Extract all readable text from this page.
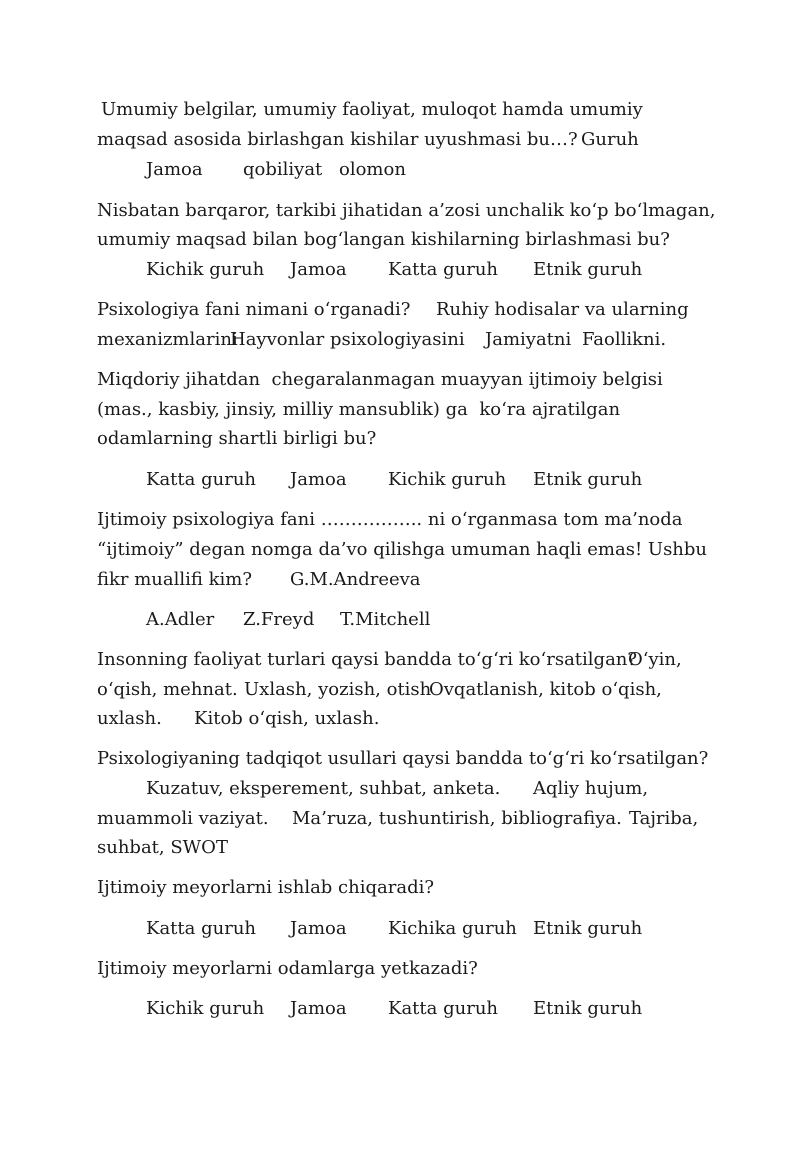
Umumiy belgilar, umumiy faoliyat, muloqot hamda umumiy

maqsad asosida birlashgan kishilar uyushmasi bu…?

Guruh

Jamoa

qobiliyat

olomon

Nisbatan barqaror, tarkibi jihatidan a’zosi unchalik ko‘p bo‘lmagan,

umumiy maqsad bilan bog‘langan kishilarning birlashmasi bu?

Kichik guruh

Jamoa

Katta guruh

Etnik guruh

Psixologiya fani nimani o‘rganadi?

Ruhiy hodisalar va ularning

mexanizmlarini

Hayvonlar psixologiyasini

Jamiyatni

Faollikni.

Miqdoriy jihatdan  chegaralanmagan muayyan ijtimoiy belgisi

(mas., kasbiy, jinsiy, milliy mansublik) ga  ko‘ra ajratilgan

odamlarning shartli birligi bu?

Katta guruh

Jamoa

Kichik guruh

Etnik guruh

Ijtimoiy psixologiya fani …………….. ni o‘rganmasa tom ma’noda

“ijtimoiy” degan nomga da’vo qilishga umuman haqli emas! Ushbu

fikr muallifi kim?

G.M.Andreeva

A.Adler

Z.Freyd

T.Mitchell

Insonning faoliyat turlari qaysi bandda to‘g‘ri ko‘rsatilgan?

O‘yin,

o‘qish, mehnat.

Uxlash, yozish, otish

Ovqatlanish, kitob o‘qish,

uxlash.

Kitob o‘qish, uxlash.

Psixologiyaning tadqiqot usullari qaysi bandda to‘g‘ri ko‘rsatilgan?

Kuzatuv, eksperement, suhbat, anketa.

Aqliy hujum,

muammoli vaziyat.

Ma’ruza, tushuntirish, bibliografiya.

Tajriba,

suhbat, SWOT

Ijtimoiy meyorlarni ishlab chiqaradi?

Katta guruh

Jamoa

Kichika guruh

Etnik guruh

Ijtimoiy meyorlarni odamlarga yetkazadi?

Kichik guruh

Jamoa

Katta guruh

Etnik guruh
